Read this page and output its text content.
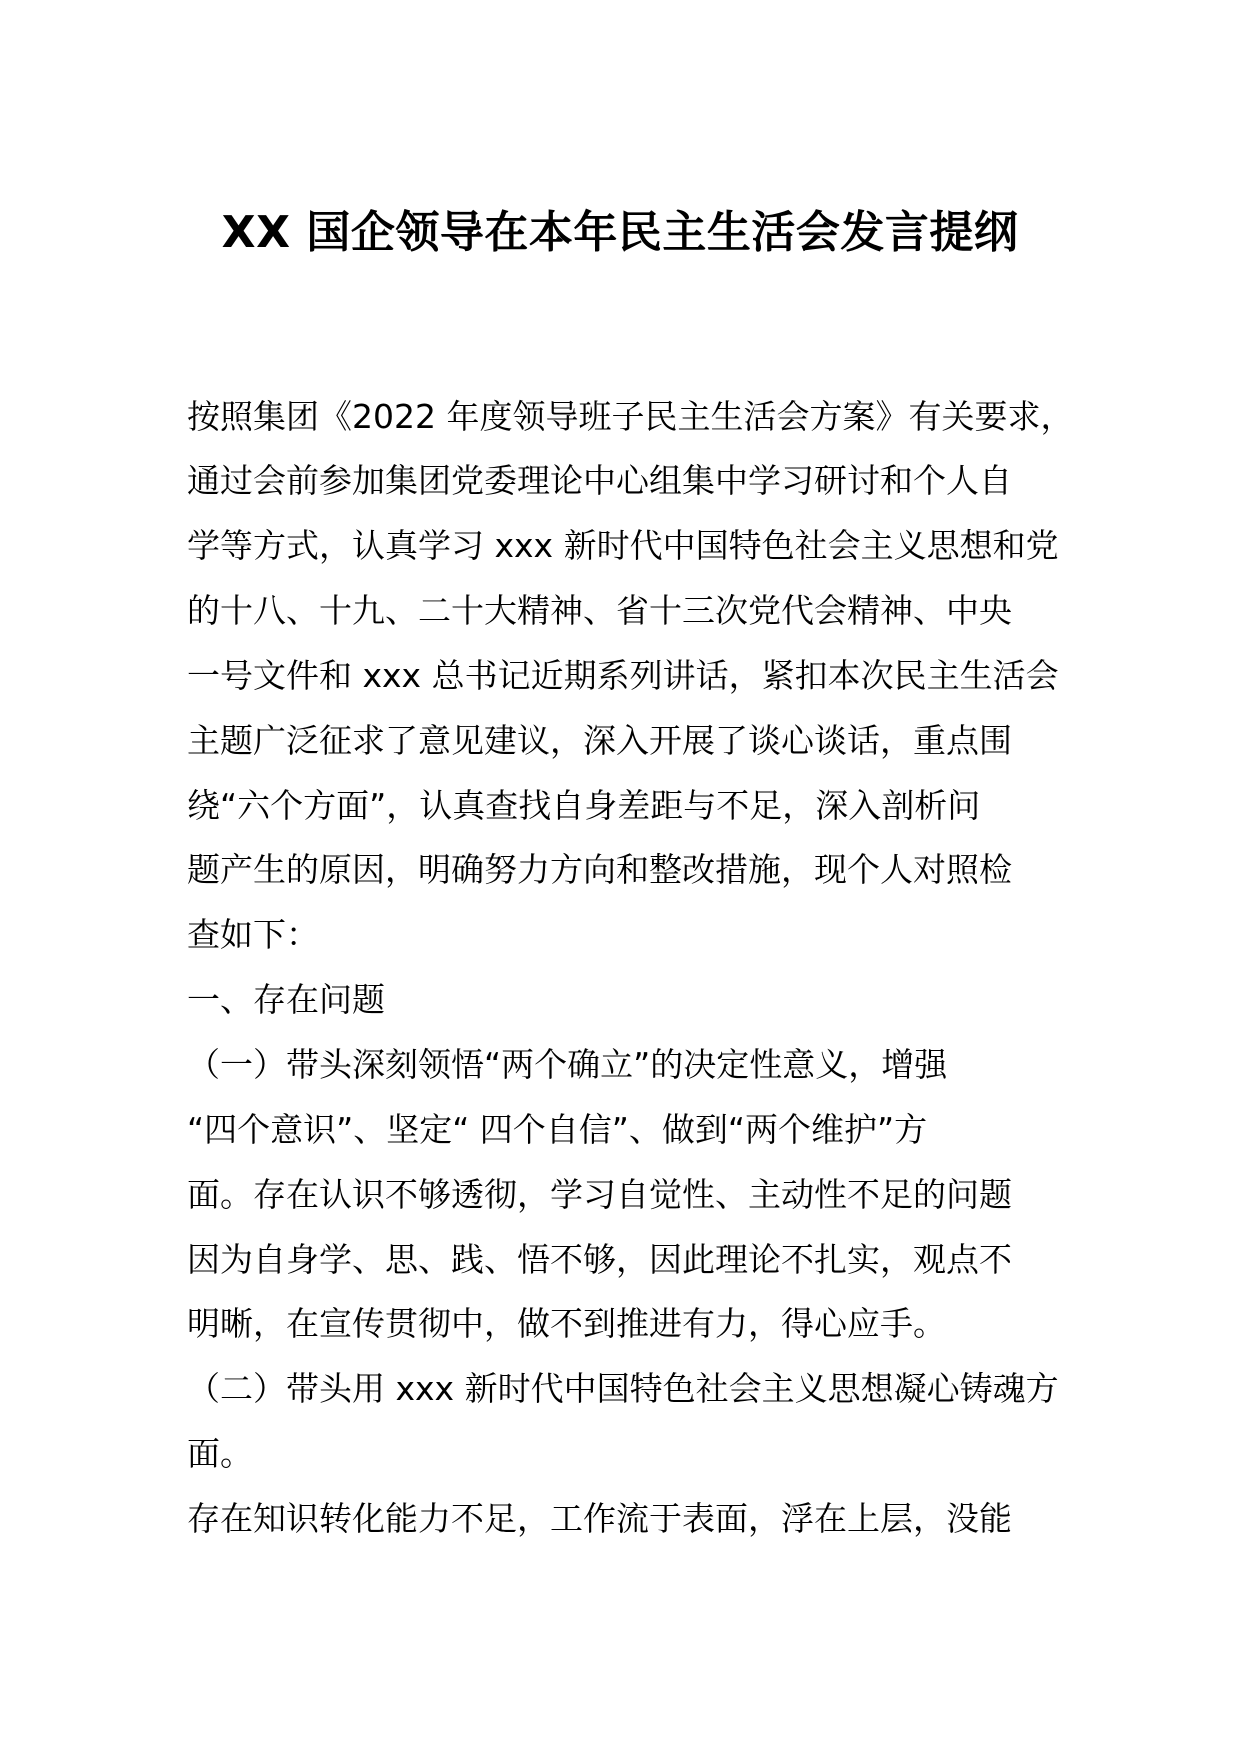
XX 国企领导在本年民主生活会发言提纲

按照集团《2022 年度领导班子民主生活会方案》有关要求，

通过会前参加集团党委理论中心组集中学习研讨和个人自

学等方式，认真学习 xxx 新时代中国特色社会主义思想和党

的十八、十九、二十大精神、省十三次党代会精神、中央

一号文件和 xxx 总书记近期系列讲话，紧扣本次民主生活会

主题广泛征求了意见建议，深入开展了谈心谈话，重点围

绕“六个方面”，认真查找自身差距与不足，深入剖析问

题产生的原因，明确努力方向和整改措施，现个人对照检

查如下：

一、存在问题

（一）带头深刻领悟“两个确立”的决定性意义，增强

“四个意识”、坚定“ 四个自信”、做到“两个维护”方

面。存在认识不够透彻，学习自觉性、主动性不足的问题

因为自身学、思、践、悟不够，因此理论不扎实，观点不

明晰，在宣传贯彻中，做不到推进有力，得心应手。

（二）带头用 xxx 新时代中国特色社会主义思想凝心铸魂方

面。

存在知识转化能力不足，工作流于表面，浮在上层，没能
